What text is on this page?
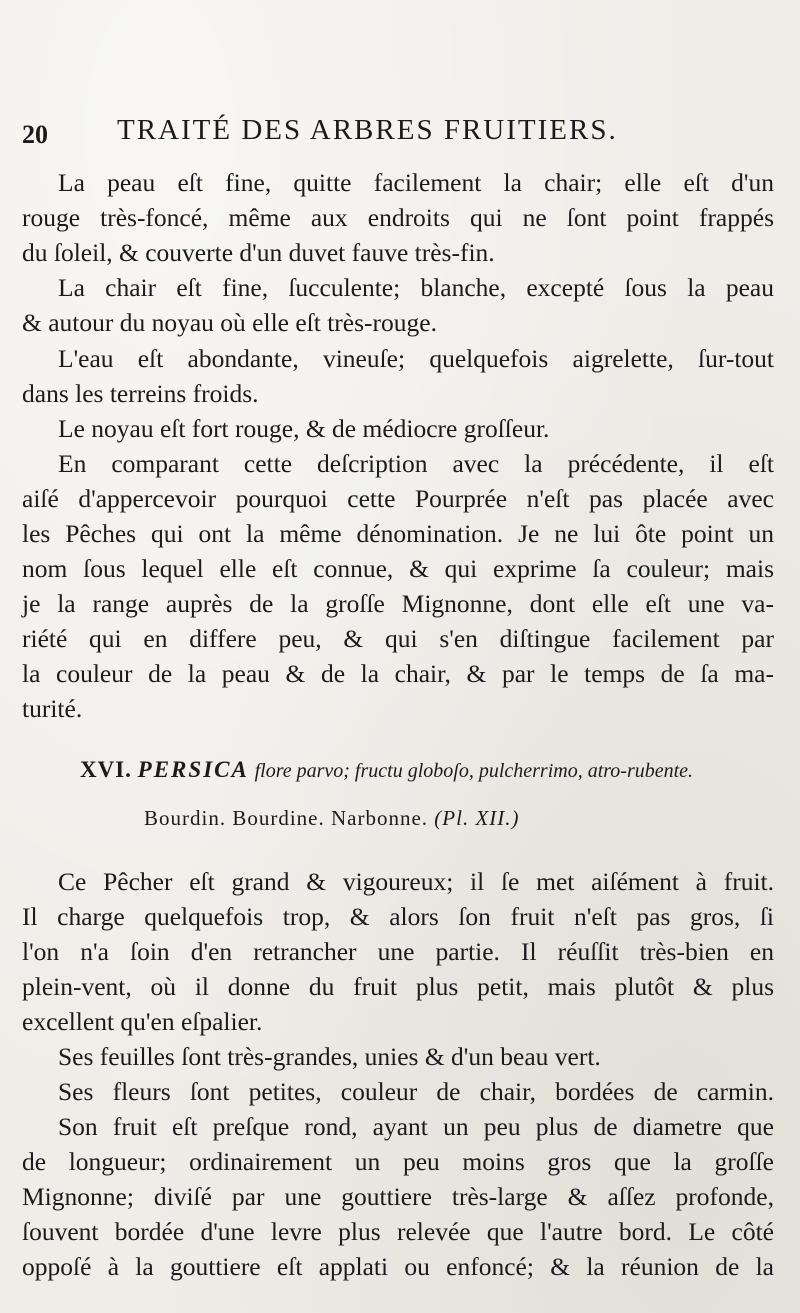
20 TRAITÉ DES ARBRES FRUITIERS.
La peau eſt fine, quitte facilement la chair; elle eſt d'un
rouge très-foncé, même aux endroits qui ne ſont point frappés
du ſoleil, & couverte d'un duvet fauve très-fin.
La chair eſt fine, ſucculente; blanche, excepté ſous la peau
& autour du noyau où elle eſt très-rouge.
L'eau eſt abondante, vineuſe; quelquefois aigrelette, ſur-tout
dans les terreins froids.
Le noyau eſt fort rouge, & de médiocre groſſeur.
En comparant cette deſcription avec la précédente, il eſt
aiſé d'appercevoir pourquoi cette Pourprée n'eſt pas placée avec
les Pêches qui ont la même dénomination. Je ne lui ôte point un
nom ſous lequel elle eſt connue, & qui exprime ſa couleur; mais
je la range auprès de la groſſe Mignonne, dont elle eſt une va-
riété qui en differe peu, & qui s'en diſtingue facilement par
la couleur de la peau & de la chair, & par le temps de ſa ma-
turité.
XVI. PERSICA flore parvo; fructu globoſo, pulcherrimo, atro-rubente.
Bourdin. Bourdine. Narbonne. (Pl. XII.)
Ce Pêcher eſt grand & vigoureux; il ſe met aiſément à fruit.
Il charge quelquefois trop, & alors ſon fruit n'eſt pas gros, ſi
l'on n'a ſoin d'en retrancher une partie. Il réuſſit très-bien en
plein-vent, où il donne du fruit plus petit, mais plutôt & plus
excellent qu'en eſpalier.
Ses feuilles ſont très-grandes, unies & d'un beau vert.
Ses fleurs ſont petites, couleur de chair, bordées de carmin.
Son fruit eſt preſque rond, ayant un peu plus de diametre que
de longueur; ordinairement un peu moins gros que la groſſe
Mignonne; diviſé par une gouttiere très-large & aſſez profonde,
ſouvent bordée d'une levre plus relevée que l'autre bord. Le côté
oppoſé à la gouttiere eſt applati ou enfoncé; & la réunion de la
